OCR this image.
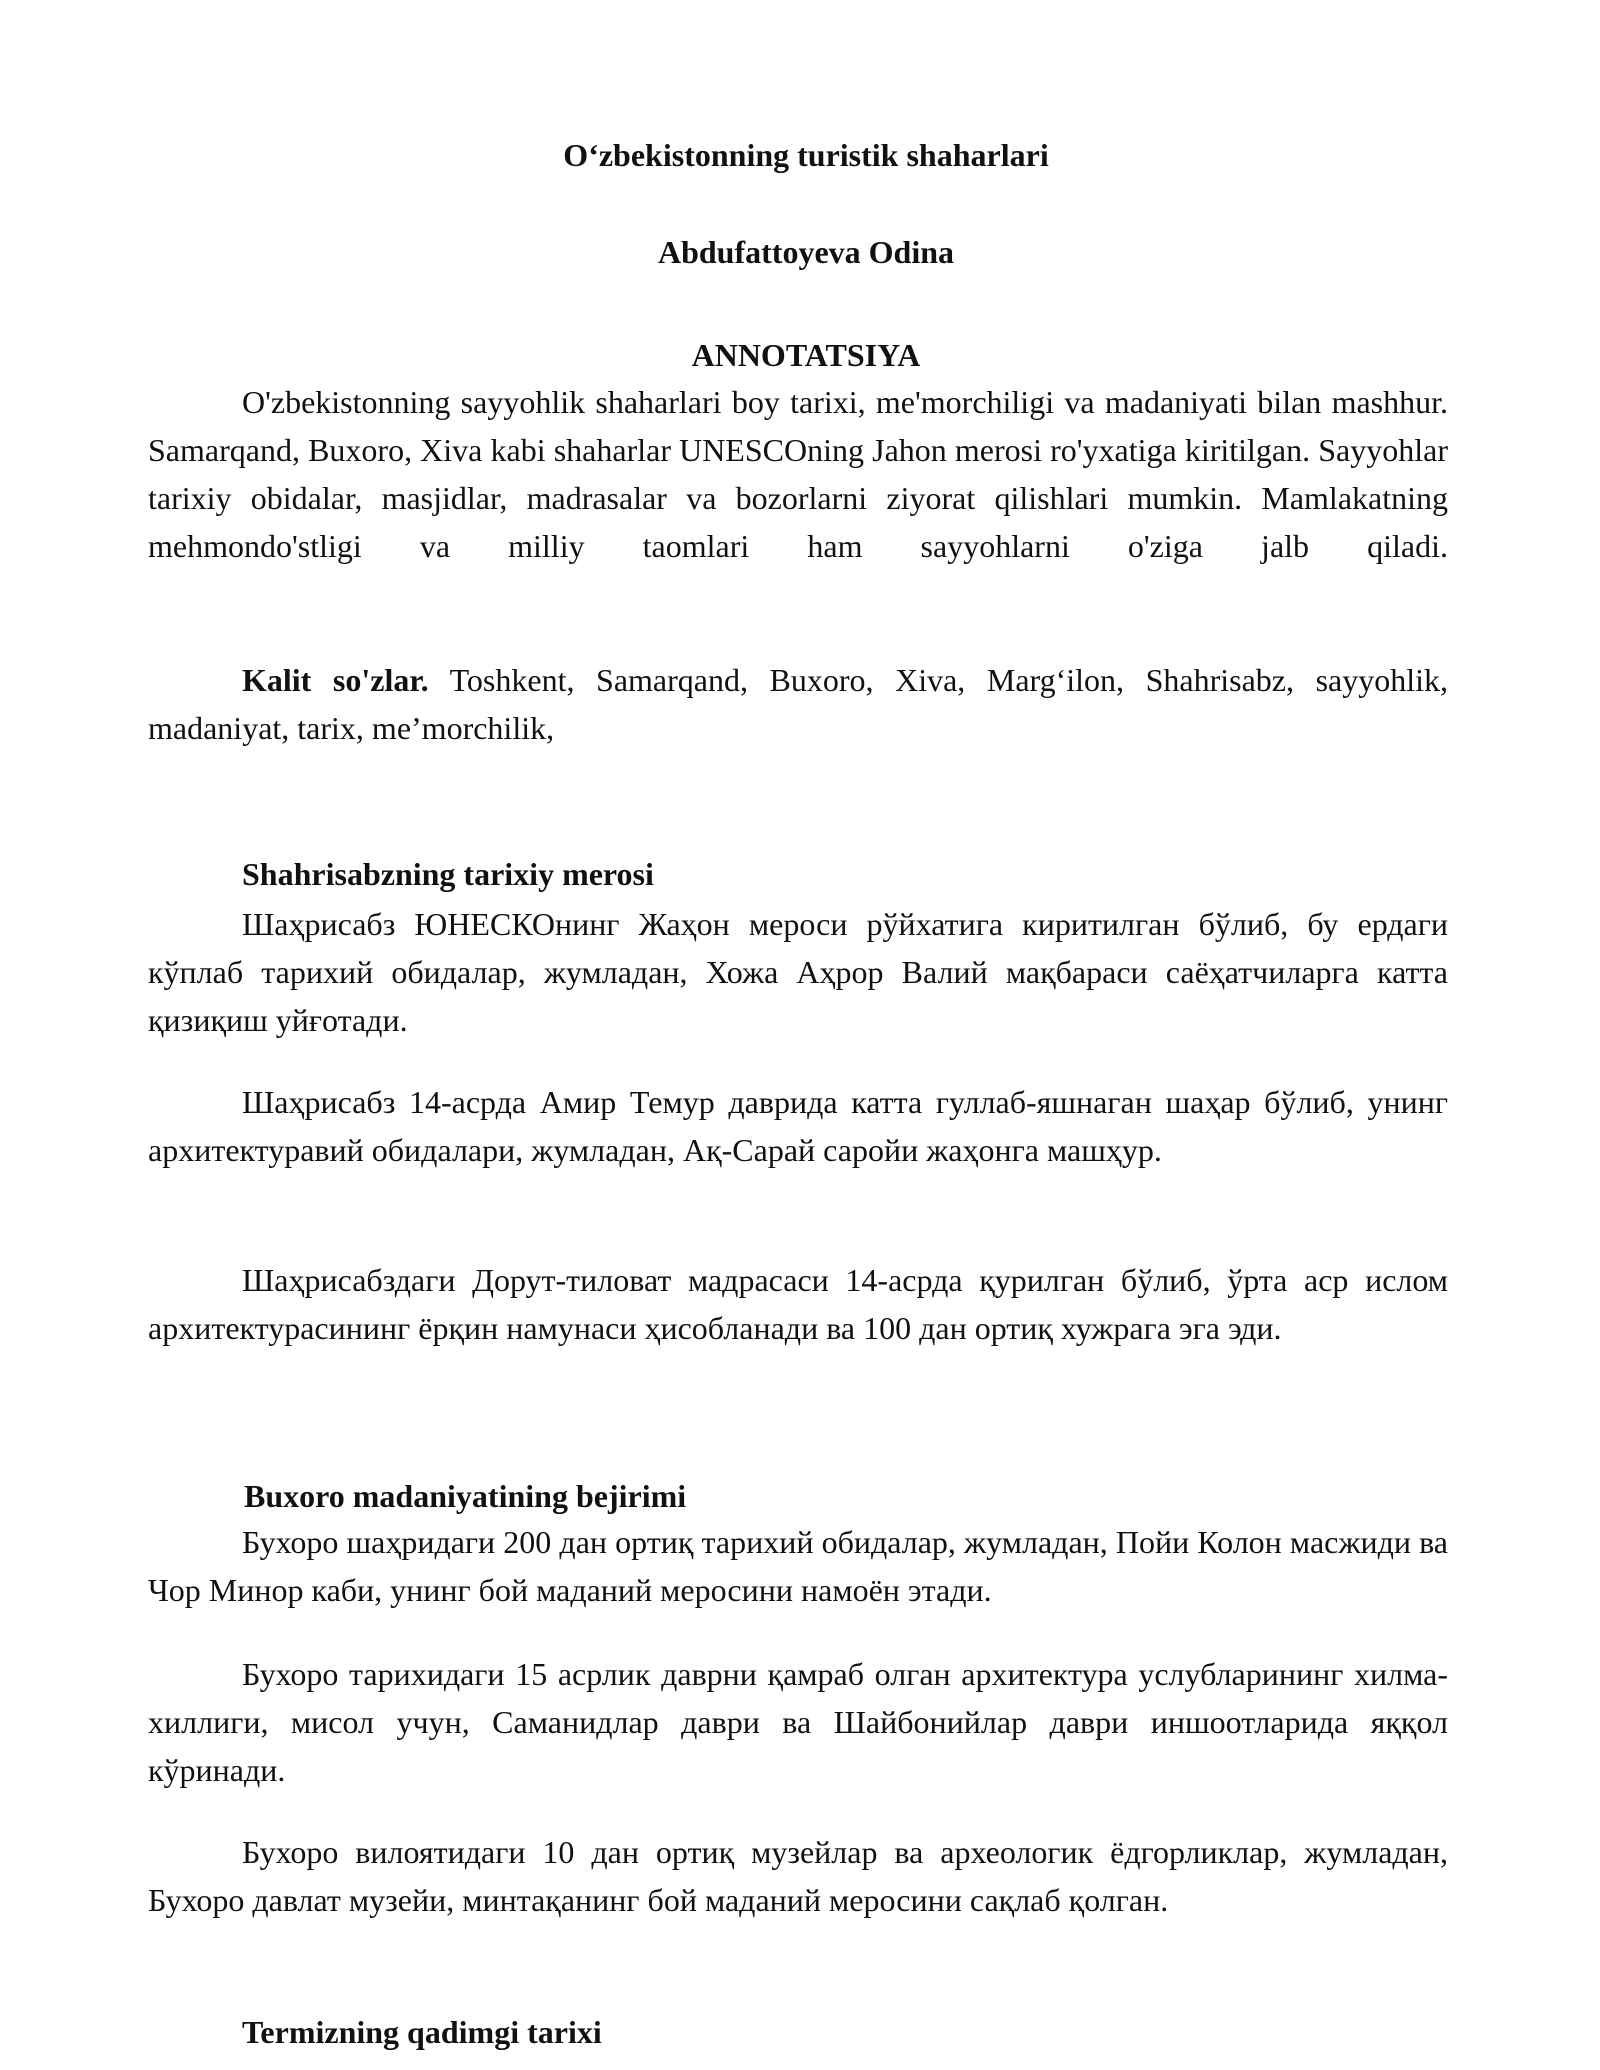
O‘zbekistonning turistik shaharlari
Abdufattoyeva Odina
ANNOTATSIYA

O'zbekistonning sayyohlik shaharlari boy tarixi, me'morchiligi va madaniyati bilan mashhur. Samarqand, Buxoro, Xiva kabi shaharlar UNESCOning Jahon merosi ro'yxatiga kiritilgan. Sayyohlar tarixiy obidalar, masjidlar, madrasalar va bozorlarni ziyorat qilishlari mumkin. Mamlakatning mehmondo'stligi va milliy taomlari ham sayyohlarni o'ziga jalb qiladi.

Kalit so'zlar. Toshkent, Samarqand, Buxoro, Xiva, Marg‘ilon, Shahrisabz, sayyohlik, madaniyat, tarix, me’morchilik,

Shahrisabzning tarixiy merosi

Шаҳрисабз ЮНЕСКОнинг Жаҳон мероси рўйхатига киритилган бўлиб, бу ердаги кўплаб тарихий обидалар, жумладан, Хожа Аҳрор Валий мақбараси саёҳатчиларга катта қизиқиш уйғотади.

Шаҳрисабз 14-асрда Амир Темур даврида катта гуллаб-яшнаган шаҳар бўлиб, унинг архитектуравий обидалари, жумладан, Ақ-Сарай саройи жаҳонга машҳур.

Шаҳрисабздаги Дорут-тиловат мадрасаси 14-асрда қурилган бўлиб, ўрта аср ислом архитектурасининг ёрқин намунаси ҳисобланади ва 100 дан ортиқ хужрага эга эди.

Buxoro madaniyatining bejirimi

Бухоро шаҳридаги 200 дан ортиқ тарихий обидалар, жумладан, Пойи Колон масжиди ва Чор Минор каби, унинг бой маданий меросини намоён этади.

Бухоро тарихидаги 15 асрлик даврни қамраб олган архитектура услубларининг хилма-хиллиги, мисол учун, Саманидлар даври ва Шайбонийлар даври иншоотларида яққол кўринади.

Бухоро вилоятидаги 10 дан ортиқ музейлар ва археологик ёдгорликлар, жумладан, Бухоро давлат музейи, минтақанинг бой маданий меросини сақлаб қолган.

Termizning qadimgi tarixi
